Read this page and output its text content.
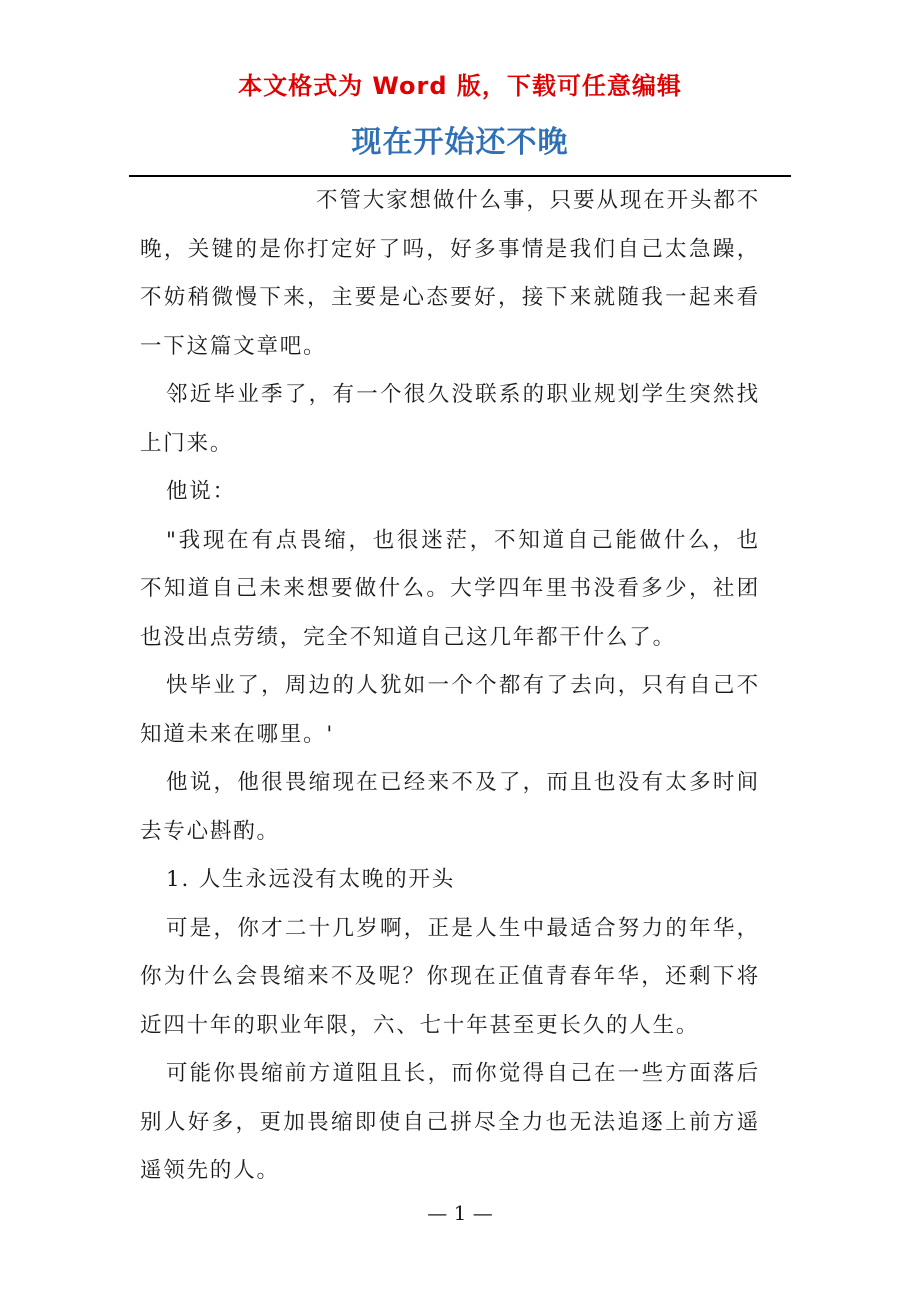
本文格式为 Word 版，下载可任意编辑
现在开始还不晚

不管大家想做什么事，只要从现在开头都不晚，关键的是你打定好了吗，好多事情是我们自己太急躁，不妨稍微慢下来，主要是心态要好，接下来就随我一起来看一下这篇文章吧。

邻近毕业季了，有一个很久没联系的职业规划学生突然找上门来。

他说：

"我现在有点畏缩，也很迷茫，不知道自己能做什么，也不知道自己未来想要做什么。大学四年里书没看多少，社团也没出点劳绩，完全不知道自己这几年都干什么了。

快毕业了，周边的人犹如一个个都有了去向，只有自己不知道未来在哪里。'

他说，他很畏缩现在已经来不及了，而且也没有太多时间去专心斟酌。

1. 人生永远没有太晚的开头

可是，你才二十几岁啊，正是人生中最适合努力的年华，你为什么会畏缩来不及呢？你现在正值青春年华，还剩下将近四十年的职业年限，六、七十年甚至更长久的人生。

可能你畏缩前方道阻且长，而你觉得自己在一些方面落后别人好多，更加畏缩即使自己拼尽全力也无法追逐上前方遥遥领先的人。

— 1 —
